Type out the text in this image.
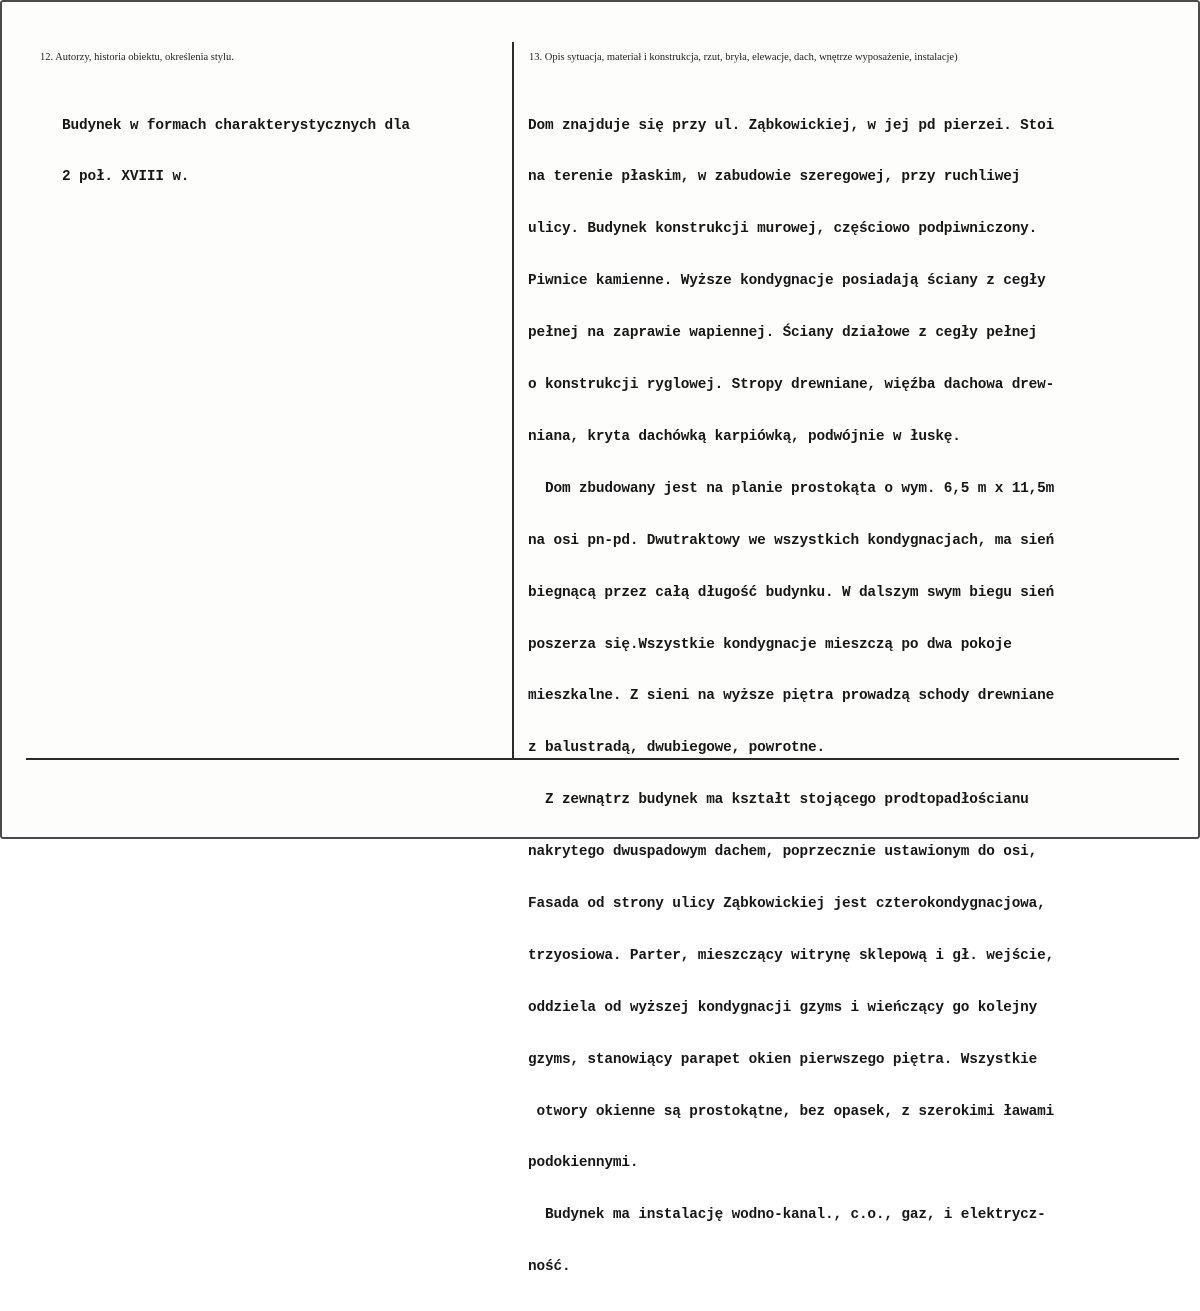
12. Autorzy, historia obiektu, określenia stylu.	13. Opis sytuacja, materiał i konstrukcja, rzut, bryła, elewacje, dach, wnętrze wyposażenie, instalacje)

Budynek w formach charakterystycznych dla

2 poł. XVIII w.

Dom znajduje się przy ul. Ząbkowickiej, w jej pd pierzei. Stoi

na terenie płaskim, w zabudowie szeregowej, przy ruchliwej

ulicy. Budynek konstrukcji murowej, częściowo podpiwniczony.

Piwnice kamienne. Wyższe kondygnacje posiadają ściany z cegły

pełnej na zaprawie wapiennej. Ściany działowe z cegły pełnej

o konstrukcji ryglowej. Stropy drewniane, więźba dachowa drew-

niana, kryta dachówką karpiówką, podwójnie w łuskę.

Dom zbudowany jest na planie prostokąta o wym. 6,5 m x 11,5m

na osi pn-pd. Dwutraktowy we wszystkich kondygnacjach, ma sień

biegnącą przez całą długość budynku. W dalszym swym biegu sień

poszerza się.Wszystkie kondygnacje mieszczą po dwa pokoje

mieszkalne. Z sieni na wyższe piętra prowadzą schody drewniane

z balustradą, dwubiegowe, powrotne.

Z zewnątrz budynek ma kształt stojącego prodtopadłościanu

nakrytego dwuspadowym dachem, poprzecznie ustawionym do osi,

Fasada od strony ulicy Ząbkowickiej jest czterokondygnacjowa,

trzyosiowa. Parter, mieszczący witrynę sklepową i gł. wejście,

oddziela od wyższej kondygnacji gzyms i wieńczący go kolejny

gzyms, stanowiący parapet okien pierwszego piętra. Wszystkie

otwory okienne są prostokątne, bez opasek, z szerokimi ławami

podokiennymi.

Budynek ma instalację wodno-kanal., c.o., gaz, i elektrycz-

ność.
